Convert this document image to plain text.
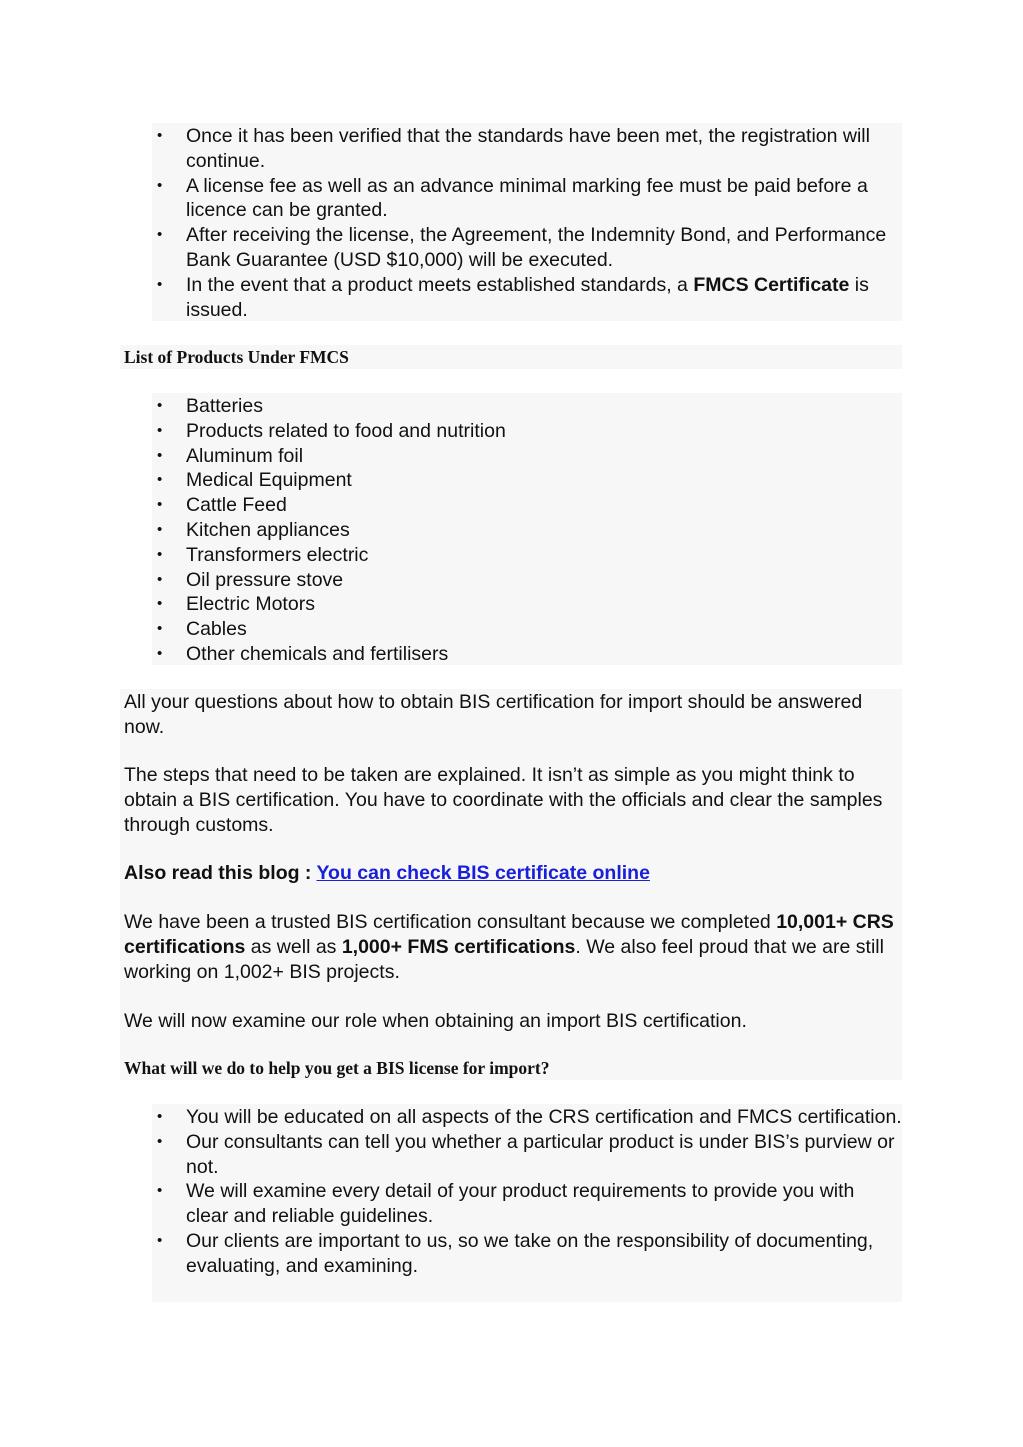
• Once it has been verified that the standards have been met, the registration will continue.
• A license fee as well as an advance minimal marking fee must be paid before a licence can be granted.
• After receiving the license, the Agreement, the Indemnity Bond, and Performance Bank Guarantee (USD $10,000) will be executed.
• In the event that a product meets established standards, a FMCS Certificate is issued.
List of Products Under FMCS
• Batteries
• Products related to food and nutrition
• Aluminum foil
• Medical Equipment
• Cattle Feed
• Kitchen appliances
• Transformers electric
• Oil pressure stove
• Electric Motors
• Cables
• Other chemicals and fertilisers

All your questions about how to obtain BIS certification for import should be answered now.

The steps that need to be taken are explained. It isn’t as simple as you might think to obtain a BIS certification. You have to coordinate with the officials and clear the samples through customs.

Also read this blog : You can check BIS certificate online

We have been a trusted BIS certification consultant because we completed 10,001+ CRS certifications as well as 1,000+ FMS certifications. We also feel proud that we are still working on 1,002+ BIS projects.

We will now examine our role when obtaining an import BIS certification.

What will we do to help you get a BIS license for import?
• You will be educated on all aspects of the CRS certification and FMCS certification.
• Our consultants can tell you whether a particular product is under BIS’s purview or not.
• We will examine every detail of your product requirements to provide you with clear and reliable guidelines.
• Our clients are important to us, so we take on the responsibility of documenting, evaluating, and examining.
